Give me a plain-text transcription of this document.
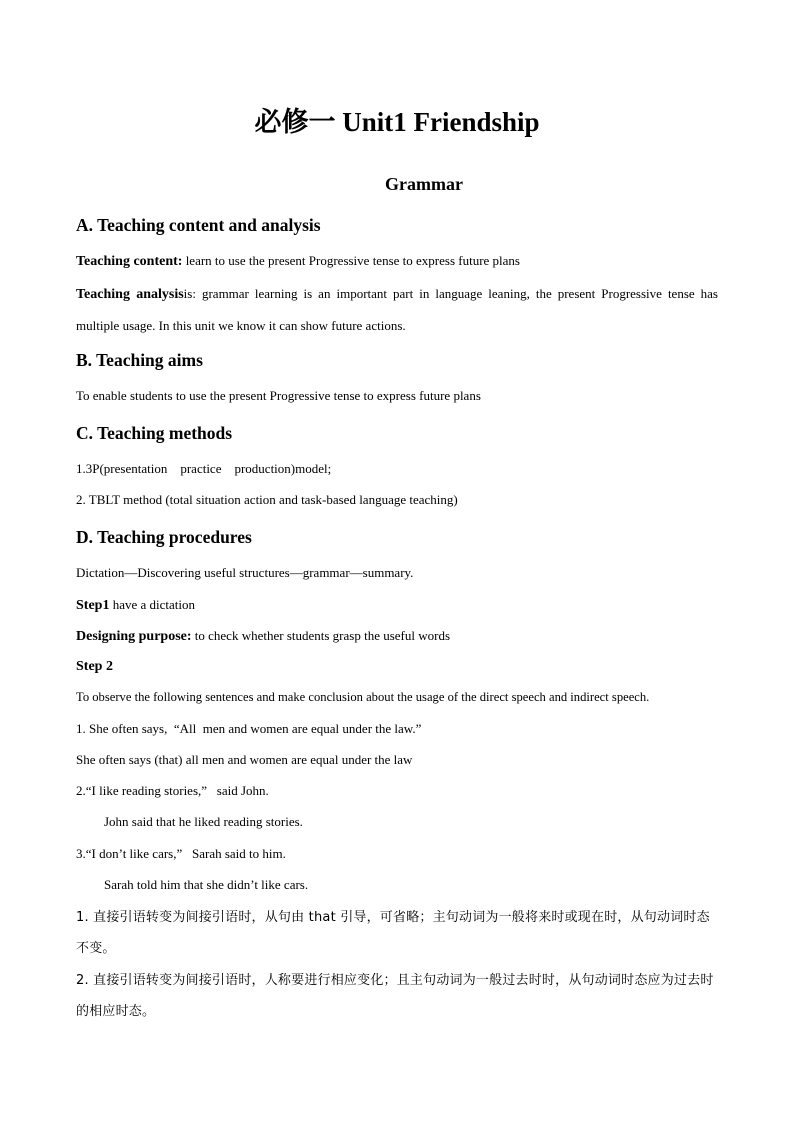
必修一 Unit1 Friendship
Grammar
A. Teaching content and analysis

Teaching content: learn to use the present Progressive tense to express future plans

Teaching analysisis: grammar learning is an important part in language leaning, the present Progressive tense has multiple usage. In this unit we know it can show future actions.

B. Teaching aims

To enable students to use the present Progressive tense to express future plans

C. Teaching methods

1.3P(presentation    practice    production)model;

2. TBLT method (total situation action and task-based language teaching)

D. Teaching procedures

Dictation—Discovering useful structures—grammar—summary.

Step1 have a dictation

Designing purpose: to check whether students grasp the useful words

Step 2

To observe the following sentences and make conclusion about the usage of the direct speech and indirect speech.

1. She often says,  “All  men and women are equal under the law.”

She often says (that) all men and women are equal under the law

2.“I like reading stories,”   said John.

John said that he liked reading stories.

3.“I don’t like cars,”   Sarah said to him.

Sarah told him that she didn’t like cars.

1. 直接引语转变为间接引语时，从句由 that 引导，可省略；主句动词为一般将来时或现在时，从句动词时态不变。

2. 直接引语转变为间接引语时，人称要进行相应变化；且主句动词为一般过去时时，从句动词时态应为过去时的相应时态。
